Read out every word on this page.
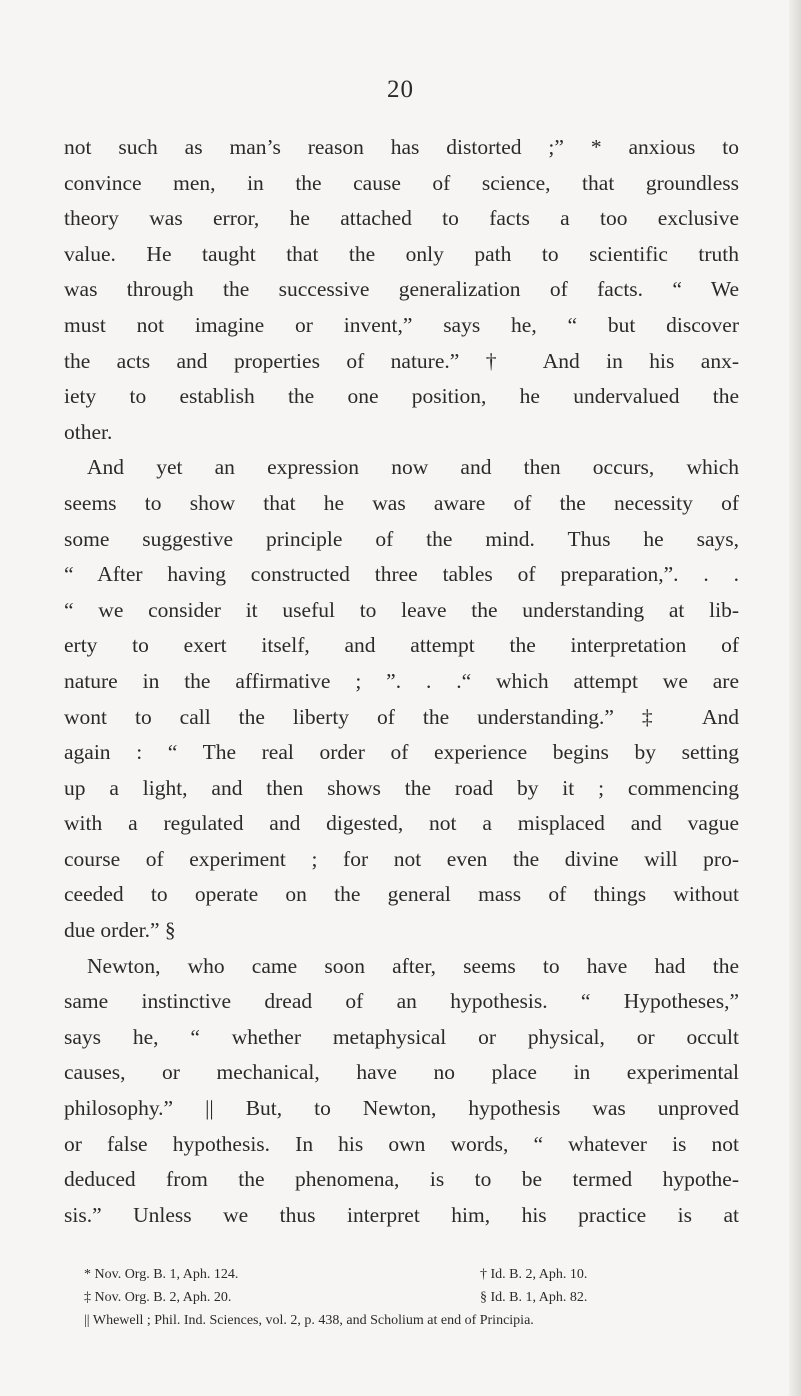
20
not such as man’s reason has distorted ;” * anxious to
convince men, in the cause of science, that groundless
theory was error, he attached to facts a too exclusive
value. He taught that the only path to scientific truth
was through the successive generalization of facts. “ We
must not imagine or invent,” says he, “ but discover
the acts and properties of nature.” † And in his anx-
iety to establish the one position, he undervalued the
other.
And yet an expression now and then occurs, which
seems to show that he was aware of the necessity of
some suggestive principle of the mind. Thus he says,
“ After having constructed three tables of preparation,”. . .
“ we consider it useful to leave the understanding at lib-
erty to exert itself, and attempt the interpretation of
nature in the affirmative ; ”. . .“ which attempt we are
wont to call the liberty of the understanding.” ‡ And
again : “ The real order of experience begins by setting
up a light, and then shows the road by it ; commencing
with a regulated and digested, not a misplaced and vague
course of experiment ; for not even the divine will pro-
ceeded to operate on the general mass of things without
due order.” §
Newton, who came soon after, seems to have had the
same instinctive dread of an hypothesis. “ Hypotheses,”
says he, “ whether metaphysical or physical, or occult
causes, or mechanical, have no place in experimental
philosophy.” || But, to Newton, hypothesis was unproved
or false hypothesis. In his own words, “ whatever is not
deduced from the phenomena, is to be termed hypothe-
sis.” Unless we thus interpret him, his practice is at
* Nov. Org. B. 1, Aph. 124.	† Id. B. 2, Aph. 10.
‡ Nov. Org. B. 2, Aph. 20.	§ Id. B. 1, Aph. 82.
|| Whewell ; Phil. Ind. Sciences, vol. 2, p. 438, and Scholium at end of Principia.
